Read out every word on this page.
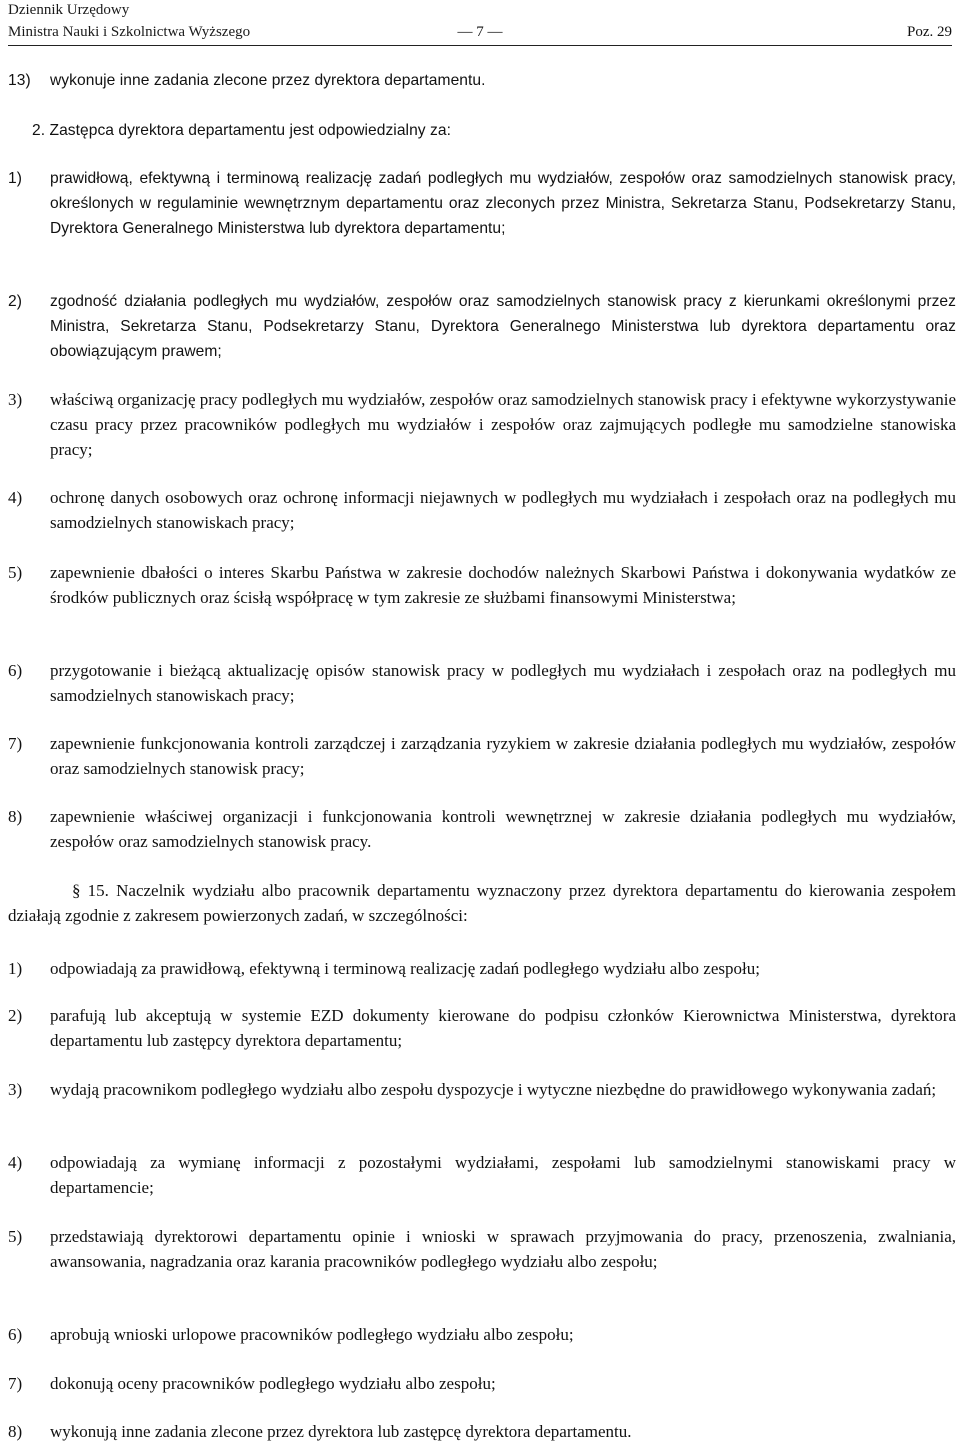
Dziennik Urzędowy
Ministra Nauki i Szkolnictwa Wyższego	— 7 —	Poz. 29
13) wykonuje inne zadania zlecone przez dyrektora departamentu.
2. Zastępca dyrektora departamentu jest odpowiedzialny za:
1) prawidłową, efektywną i terminową realizację zadań podległych mu wydziałów, zespołów oraz samodzielnych stanowisk pracy, określonych w regulaminie wewnętrznym departamentu oraz zleconych przez Ministra, Sekretarza Stanu, Podsekretarzy Stanu, Dyrektora Generalnego Ministerstwa lub dyrektora departamentu;
2) zgodność działania podległych mu wydziałów, zespołów oraz samodzielnych stanowisk pracy z kierunkami określonymi przez Ministra, Sekretarza Stanu, Podsekretarzy Stanu, Dyrektora Generalnego Ministerstwa lub dyrektora departamentu oraz obowiązującym prawem;
3) właściwą organizację pracy podległych mu wydziałów, zespołów oraz samodzielnych stanowisk pracy i efektywne wykorzystywanie czasu pracy przez pracowników podległych mu wydziałów i zespołów oraz zajmujących podległe mu samodzielne stanowiska pracy;
4) ochronę danych osobowych oraz ochronę informacji niejawnych w podległych mu wydziałach i zespołach oraz na podległych mu samodzielnych stanowiskach pracy;
5) zapewnienie dbałości o interes Skarbu Państwa w zakresie dochodów należnych Skarbowi Państwa i dokonywania wydatków ze środków publicznych oraz ścisłą współpracę w tym zakresie ze służbami finansowymi Ministerstwa;
6) przygotowanie i bieżącą aktualizację opisów stanowisk pracy w podległych mu wydziałach i zespołach oraz na podległych mu samodzielnych stanowiskach pracy;
7) zapewnienie funkcjonowania kontroli zarządczej i zarządzania ryzykiem w zakresie działania podległych mu wydziałów, zespołów oraz samodzielnych stanowisk pracy;
8) zapewnienie właściwej organizacji i funkcjonowania kontroli wewnętrznej w zakresie działania podległych mu wydziałów, zespołów oraz samodzielnych stanowisk pracy.
§ 15. Naczelnik wydziału albo pracownik departamentu wyznaczony przez dyrektora departamentu do kierowania zespołem działają zgodnie z zakresem powierzonych zadań, w szczególności:
1) odpowiadają za prawidłową, efektywną i terminową realizację zadań podległego wydziału albo zespołu;
2) parafują lub akceptują w systemie EZD dokumenty kierowane do podpisu członków Kierownictwa Ministerstwa, dyrektora departamentu lub zastępcy dyrektora departamentu;
3) wydają pracownikom podległego wydziału albo zespołu dyspozycje i wytyczne niezbędne do prawidłowego wykonywania zadań;
4) odpowiadają za wymianę informacji z pozostałymi wydziałami, zespołami lub samodzielnymi stanowiskami pracy w departamencie;
5) przedstawiają dyrektorowi departamentu opinie i wnioski w sprawach przyjmowania do pracy, przenoszenia, zwalniania, awansowania, nagradzania oraz karania pracowników podległego wydziału albo zespołu;
6) aprobują wnioski urlopowe pracowników podległego wydziału albo zespołu;
7) dokonują oceny pracowników podległego wydziału albo zespołu;
8) wykonują inne zadania zlecone przez dyrektora lub zastępcę dyrektora departamentu.
